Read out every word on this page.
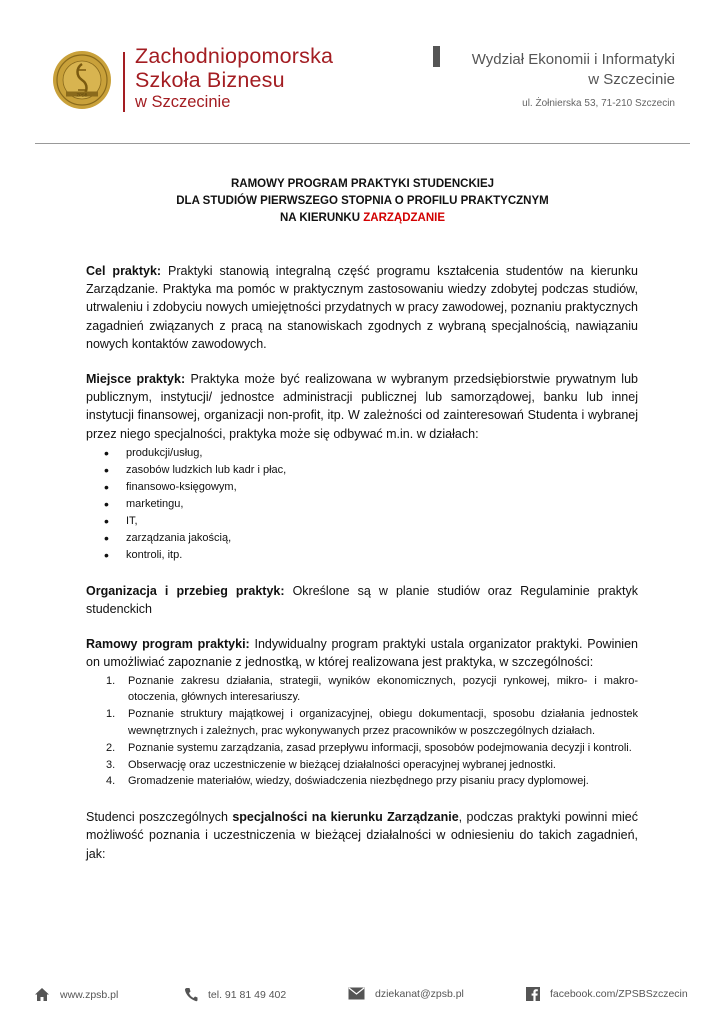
ZPSB
Zachodniopomorska
Szkoła Biznesu
w Szczecinie
Wydział Ekonomii i Informatyki
w Szczecinie
ul. Żołnierska 53, 71-210 Szczecin
RAMOWY PROGRAM PRAKTYKI STUDENCKIEJ
DLA STUDIÓW PIERWSZEGO STOPNIA O PROFILU PRAKTYCZNYM
NA KIERUNKU ZARZĄDZANIE

Cel praktyk: Praktyki stanowią integralną część programu kształcenia studentów na kierunku Zarządzanie. Praktyka ma pomóc w praktycznym zastosowaniu wiedzy zdobytej podczas studiów, utrwaleniu i zdobyciu nowych umiejętności przydatnych w pracy zawodowej, poznaniu praktycznych zagadnień związanych z pracą na stanowiskach zgodnych z wybraną specjalnością, nawiązaniu nowych kontaktów zawodowych.

Miejsce praktyk: Praktyka może być realizowana w wybranym przedsiębiorstwie prywatnym lub publicznym, instytucji/ jednostce administracji publicznej lub samorządowej, banku lub innej instytucji finansowej, organizacji non-profit, itp. W zależności od zainteresowań Studenta i wybranej przez niego specjalności, praktyka może się odbywać m.in. w działach:

• produkcji/usług,
• zasobów ludzkich lub kadr i płac,
• finansowo-księgowym,
• marketingu,
• IT,
• zarządzania jakością,
• kontroli, itp.

Organizacja i przebieg praktyk: Określone są w planie studiów oraz Regulaminie praktyk studenckich

Ramowy program praktyki: Indywidualny program praktyki ustala organizator praktyki. Powinien on umożliwiać zapoznanie z jednostką, w której realizowana jest praktyka, w szczególności:

1. Poznanie zakresu działania, strategii, wyników ekonomicznych, pozycji rynkowej, mikro- i makro-otoczenia, głównych interesariuszy.
1. Poznanie struktury majątkowej i organizacyjnej, obiegu dokumentacji, sposobu działania jednostek wewnętrznych i zależnych, prac wykonywanych przez pracowników w poszczególnych działach.
2. Poznanie systemu zarządzania, zasad przepływu informacji, sposobów podejmowania decyzji i kontroli.
3. Obserwację oraz uczestniczenie w bieżącej działalności operacyjnej wybranej jednostki.
4. Gromadzenie materiałów, wiedzy, doświadczenia niezbędnego przy pisaniu pracy dyplomowej.

Studenci poszczególnych specjalności na kierunku Zarządzanie, podczas praktyki powinni mieć możliwość poznania i uczestniczenia w bieżącej działalności w odniesieniu do takich zagadnień, jak:

www.zpsb.pl	tel. 91 81 49 402	dziekanat@zpsb.pl	facebook.com/ZPSBSzczecin
